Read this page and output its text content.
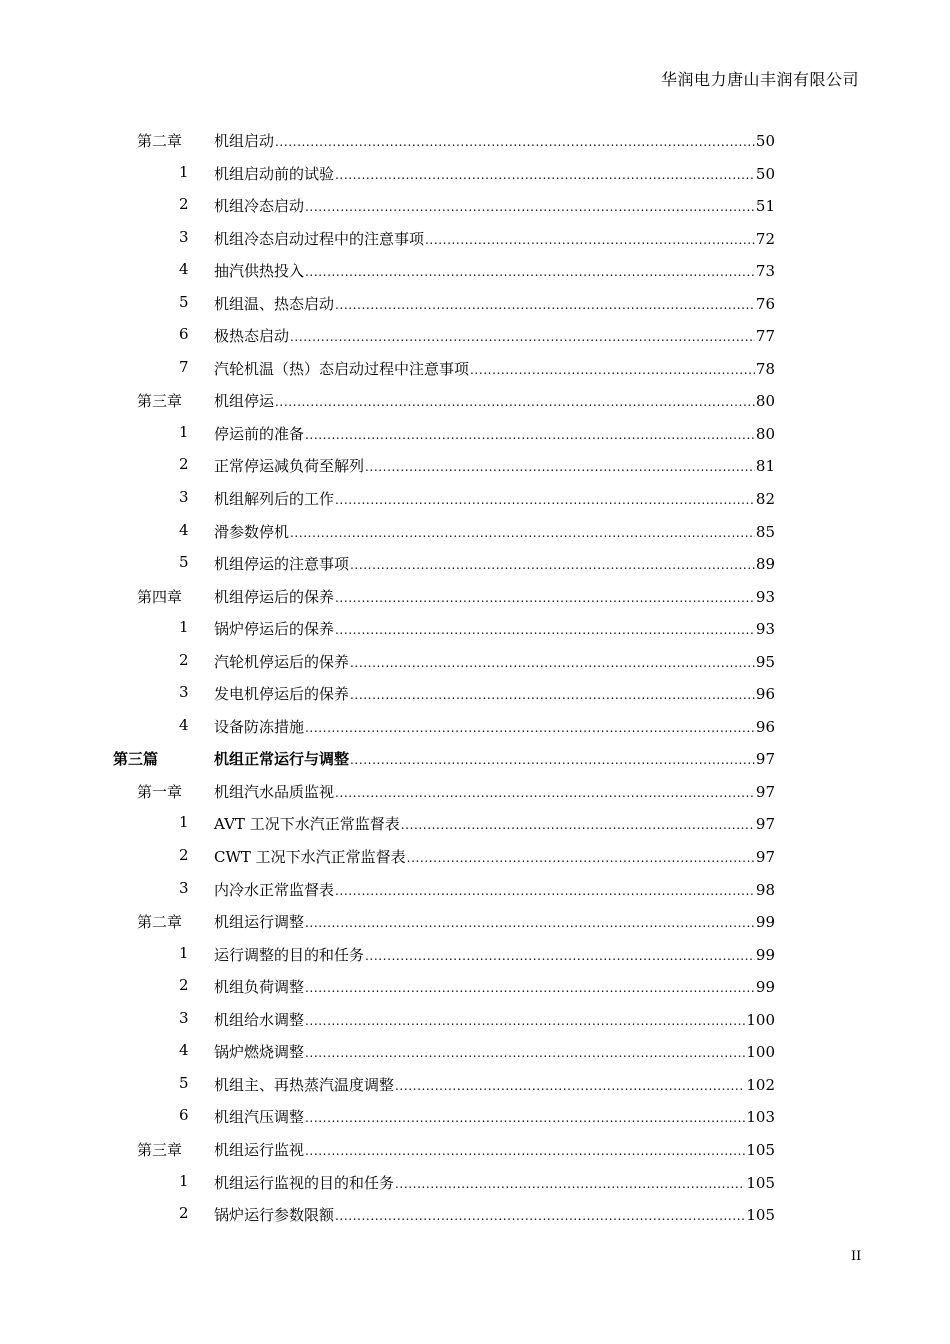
华润电力唐山丰润有限公司
第二章 机组启动 .....	50
1 机组启动前的试验 .....	50
2 机组冷态启动 .....	51
3 机组冷态启动过程中的注意事项 .....	72
4 抽汽供热投入 .....	73
5 机组温、热态启动 .....	76
6 极热态启动 .....	77
7 汽轮机温（热）态启动过程中注意事项 .....	78
第三章 机组停运 .....	80
1 停运前的准备 .....	80
2 正常停运减负荷至解列 .....	81
3 机组解列后的工作 .....	82
4 滑参数停机 .....	85
5 机组停运的注意事项 .....	89
第四章 机组停运后的保养 .....	93
1 锅炉停运后的保养 .....	93
2 汽轮机停运后的保养 .....	95
3 发电机停运后的保养 .....	96
4 设备防冻措施 .....	96
第三篇	机组正常运行与调整 .....	97
第一章 机组汽水品质监视 .....	97
1 AVT 工况下水汽正常监督表 .....	97
2 CWT 工况下水汽正常监督表 .....	97
3 内冷水正常监督表 .....	98
第二章 机组运行调整 .....	99
1 运行调整的目的和任务 .....	99
2 机组负荷调整 .....	99
3 机组给水调整 .....	100
4 锅炉燃烧调整 .....	100
5 机组主、再热蒸汽温度调整 .....	102
6 机组汽压调整 .....	103
第三章 机组运行监视 .....	105
1 机组运行监视的目的和任务 .....	105
2 锅炉运行参数限额 .....	105
II
